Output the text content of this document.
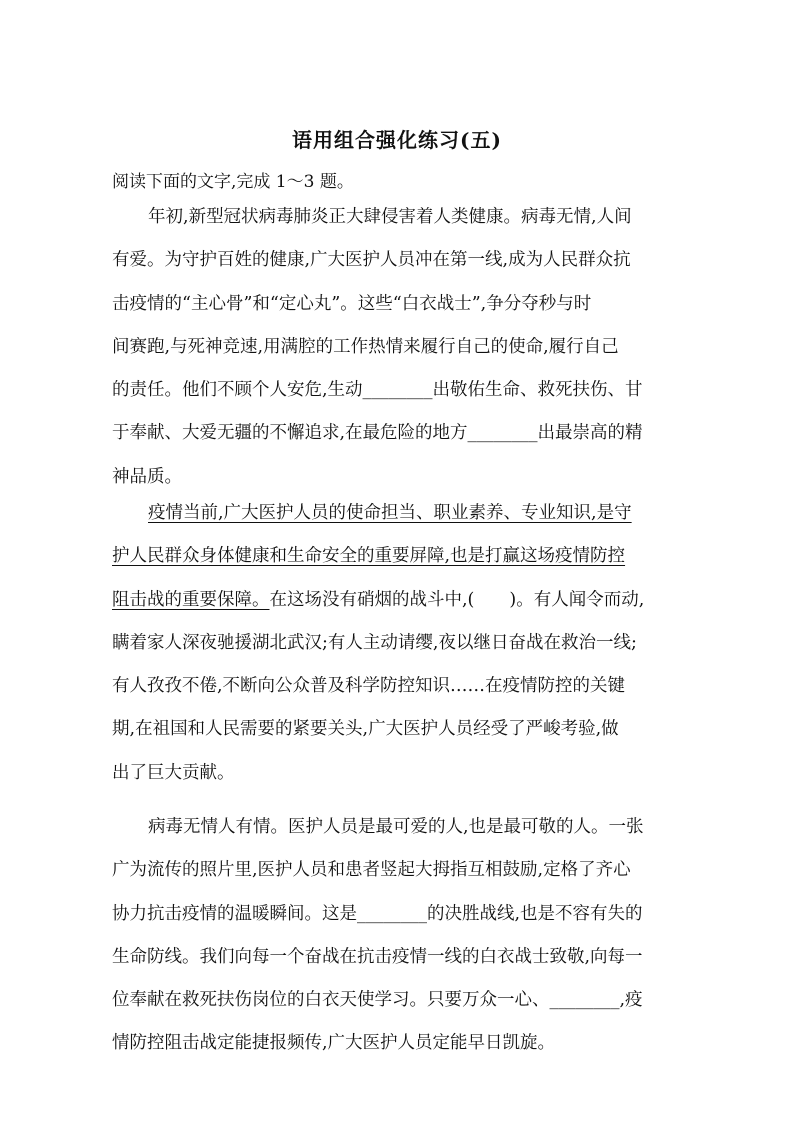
语用组合强化练习(五)
阅读下面的文字,完成 1～3 题。
年初,新型冠状病毒肺炎正大肆侵害着人类健康。病毒无情,人间
有爱。为守护百姓的健康,广大医护人员冲在第一线,成为人民群众抗
击疫情的“主心骨”和“定心丸”。这些“白衣战士”,争分夺秒与时
间赛跑,与死神竞速,用满腔的工作热情来履行自己的使命,履行自己
的责任。他们不顾个人安危,生动________出敬佑生命、救死扶伤、甘
于奉献、大爱无疆的不懈追求,在最危险的地方________出最崇高的精
神品质。
疫情当前,广大医护人员的使命担当、职业素养、专业知识,是守
护人民群众身体健康和生命安全的重要屏障,也是打赢这场疫情防控
阻击战的重要保障。在这场没有硝烟的战斗中,(　　)。有人闻令而动,
瞒着家人深夜驰援湖北武汉;有人主动请缨,夜以继日奋战在救治一线;
有人孜孜不倦,不断向公众普及科学防控知识……在疫情防控的关键
期,在祖国和人民需要的紧要关头,广大医护人员经受了严峻考验,做
出了巨大贡献。
病毒无情人有情。医护人员是最可爱的人,也是最可敬的人。一张
广为流传的照片里,医护人员和患者竖起大拇指互相鼓励,定格了齐心
协力抗击疫情的温暖瞬间。这是________的决胜战线,也是不容有失的
生命防线。我们向每一个奋战在抗击疫情一线的白衣战士致敬,向每一
位奉献在救死扶伤岗位的白衣天使学习。只要万众一心、________,疫
情防控阻击战定能捷报频传,广大医护人员定能早日凯旋。
